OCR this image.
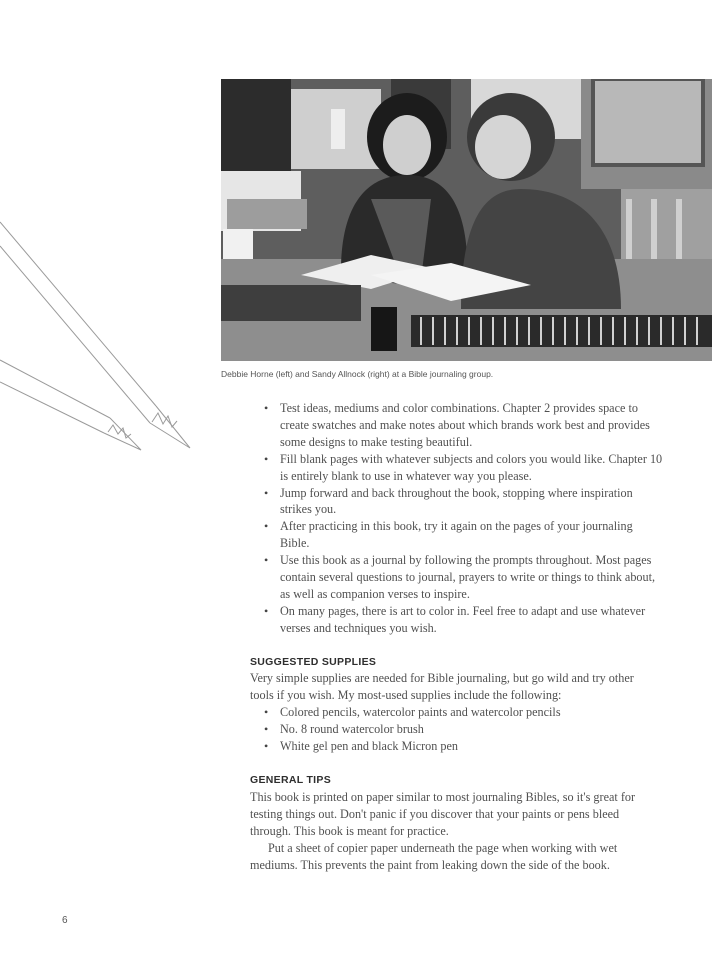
Debbie Horne (left) and Sandy Allnock (right) at a Bible journaling group.
• Test ideas, mediums and color combinations. Chapter 2 provides space to create swatches and make notes about which brands work best and provides some designs to make testing beautiful.
• Fill blank pages with whatever subjects and colors you would like. Chapter 10 is entirely blank to use in whatever way you please.
• Jump forward and back throughout the book, stopping where inspiration strikes you.
• After practicing in this book, try it again on the pages of your journaling Bible.
• Use this book as a journal by following the prompts throughout. Most pages contain several questions to journal, prayers to write or things to think about, as well as companion verses to inspire.
• On many pages, there is art to color in. Feel free to adapt and use whatever verses and techniques you wish.
SUGGESTED SUPPLIES

Very simple supplies are needed for Bible journaling, but go wild and try other tools if you wish. My most-used supplies include the following:

• Colored pencils, watercolor paints and watercolor pencils
• No. 8 round watercolor brush
• White gel pen and black Micron pen
GENERAL TIPS

This book is printed on paper similar to most journaling Bibles, so it's great for testing things out. Don't panic if you discover that your paints or pens bleed through. This book is meant for practice.

Put a sheet of copier paper underneath the page when working with wet mediums. This prevents the paint from leaking down the side of the book.

6
